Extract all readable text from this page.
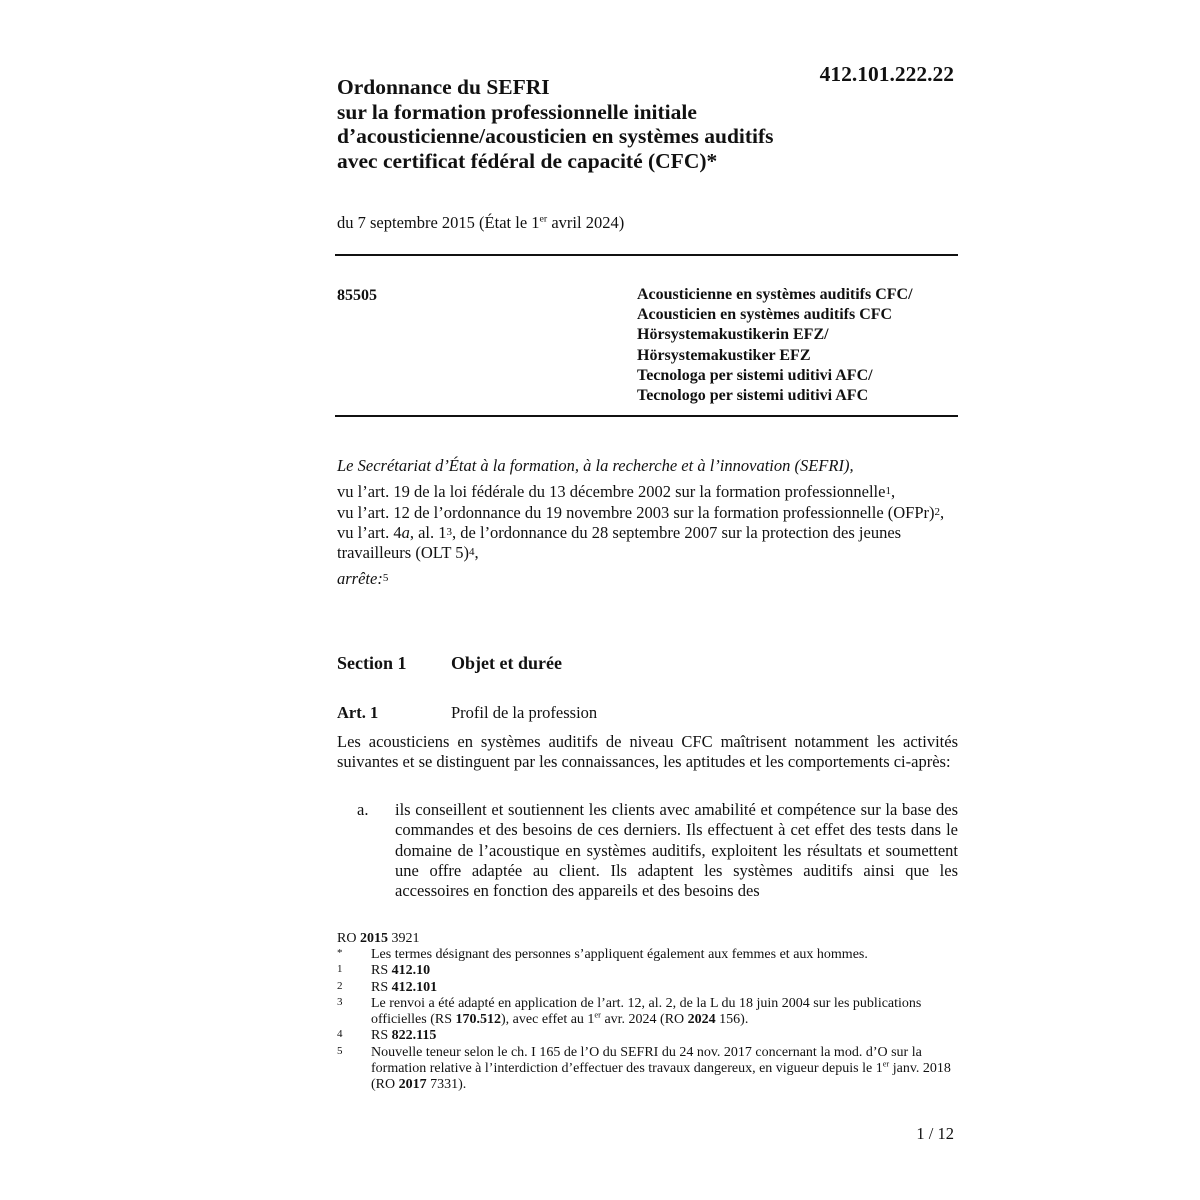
412.101.222.22
Ordonnance du SEFRI
sur la formation professionnelle initiale
d’acousticienne/acousticien en systèmes auditifs
avec certificat fédéral de capacité (CFC)*
du 7 septembre 2015 (État le 1er avril 2024)
85505	Acousticienne en systèmes auditifs CFC/
Acousticien en systèmes auditifs CFC
Hörsystemakustikerin EFZ/
Hörsystemakustiker EFZ
Tecnologa per sistemi uditivi AFC/
Tecnologo per sistemi uditivi AFC

Le Secrétariat d’État à la formation, à la recherche et à l’innovation (SEFRI),

vu l’art. 19 de la loi fédérale du 13 décembre 2002 sur la formation professionnelle$^1$,

vu l’art. 12 de l’ordonnance du 19 novembre 2003 sur la formation professionnelle (OFPr)$^2$,

vu l’art. 4a, al. 1$^3$, de l’ordonnance du 28 septembre 2007 sur la protection des jeunes travailleurs (OLT 5)$^4$,

arrête:$^5$

Section 1 Objet et durée
Art. 1	Profil de la profession

Les acousticiens en systèmes auditifs de niveau CFC maîtrisent notamment les activités suivantes et se distinguent par les connaissances, les aptitudes et les comportements ci-après:

a. ils conseillent et soutiennent les clients avec amabilité et compétence sur la base des commandes et des besoins de ces derniers. Ils effectuent à cet effet des tests dans le domaine de l’acoustique en systèmes auditifs, exploitent les résultats et soumettent une offre adaptée au client. Ils adaptent les systèmes auditifs ainsi que les accessoires en fonction des appareils et des besoins des
RO 2015 3921
* Les termes désignant des personnes s’appliquent également aux femmes et aux hommes.
1 RS 412.10
2 RS 412.101
3 Le renvoi a été adapté en application de l’art. 12, al. 2, de la L du 18 juin 2004 sur les publications officielles (RS 170.512), avec effet au 1er avr. 2024 (RO 2024 156).
4 RS 822.115
5 Nouvelle teneur selon le ch. I 165 de l’O du SEFRI du 24 nov. 2017 concernant la mod. d’O sur la formation relative à l’interdiction d’effectuer des travaux dangereux, en vigueur depuis le 1er janv. 2018 (RO 2017 7331).
1 / 12
